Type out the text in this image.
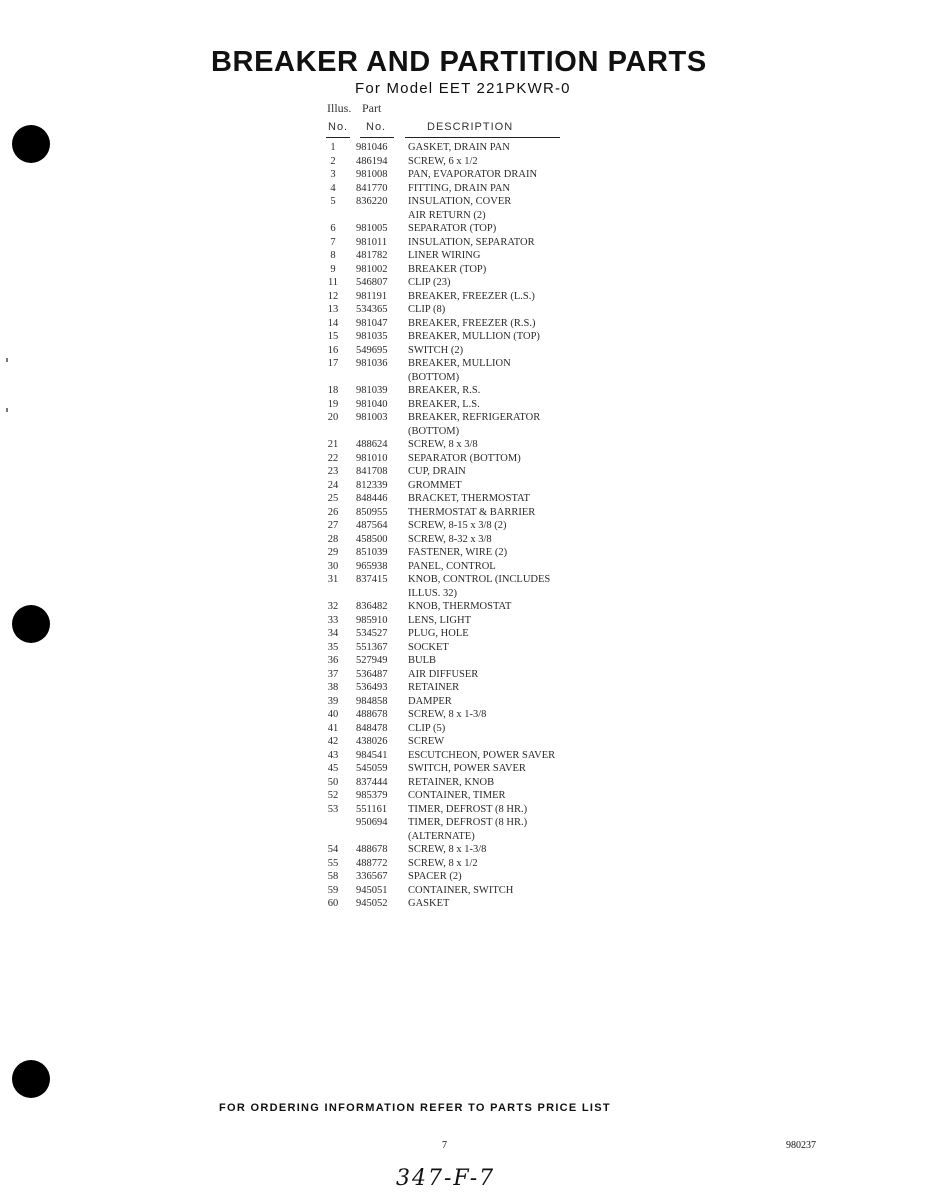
BREAKER AND PARTITION PARTS
For Model EET 221PKWR-0
Illus. Part
No. No.	DESCRIPTION
1	981046 GASKET, DRAIN PAN
2	486194 SCREW, 6 x 1/2
3	981008 PAN, EVAPORATOR DRAIN
4	841770 FITTING, DRAIN PAN
5	836220 INSULATION, COVER
AIR RETURN (2)
6	981005 SEPARATOR (TOP)
7	981011 INSULATION, SEPARATOR
8	481782 LINER WIRING
9	981002 BREAKER (TOP)
11	546807 CLIP (23)
12	981191 BREAKER, FREEZER (L.S.)
13	534365 CLIP (8)
14	981047 BREAKER, FREEZER (R.S.)
15	981035 BREAKER, MULLION (TOP)
16	549695 SWITCH (2)
17	981036 BREAKER, MULLION
(BOTTOM)
18	981039 BREAKER, R.S.
19	981040 BREAKER, L.S.
20	981003 BREAKER, REFRIGERATOR
(BOTTOM)
21	488624 SCREW, 8 x 3/8
22	981010 SEPARATOR (BOTTOM)
23	841708 CUP, DRAIN
24	812339 GROMMET
25	848446 BRACKET, THERMOSTAT
26	850955 THERMOSTAT & BARRIER
27	487564 SCREW, 8-15 x 3/8 (2)
28	458500 SCREW, 8-32 x 3/8
29	851039 FASTENER, WIRE (2)
30	965938 PANEL, CONTROL
31	837415 KNOB, CONTROL (INCLUDES
ILLUS. 32)
32	836482 KNOB, THERMOSTAT
33	985910 LENS, LIGHT
34	534527 PLUG, HOLE
35	551367 SOCKET
36	527949 BULB
37	536487 AIR DIFFUSER
38	536493 RETAINER
39	984858 DAMPER
40	488678 SCREW, 8 x 1-3/8
41	848478 CLIP (5)
42	438026 SCREW
43	984541 ESCUTCHEON, POWER SAVER
45	545059 SWITCH, POWER SAVER
50	837444 RETAINER, KNOB
52	985379 CONTAINER, TIMER
53	551161 TIMER, DEFROST (8 HR.)
950694 TIMER, DEFROST (8 HR.)
(ALTERNATE)
54	488678 SCREW, 8 x 1-3/8
55	488772 SCREW, 8 x 1/2
58	336567 SPACER (2)
59	945051 CONTAINER, SWITCH
60	945052 GASKET
FOR ORDERING INFORMATION REFER TO PARTS PRICE LIST
7	980237
347-F-7
